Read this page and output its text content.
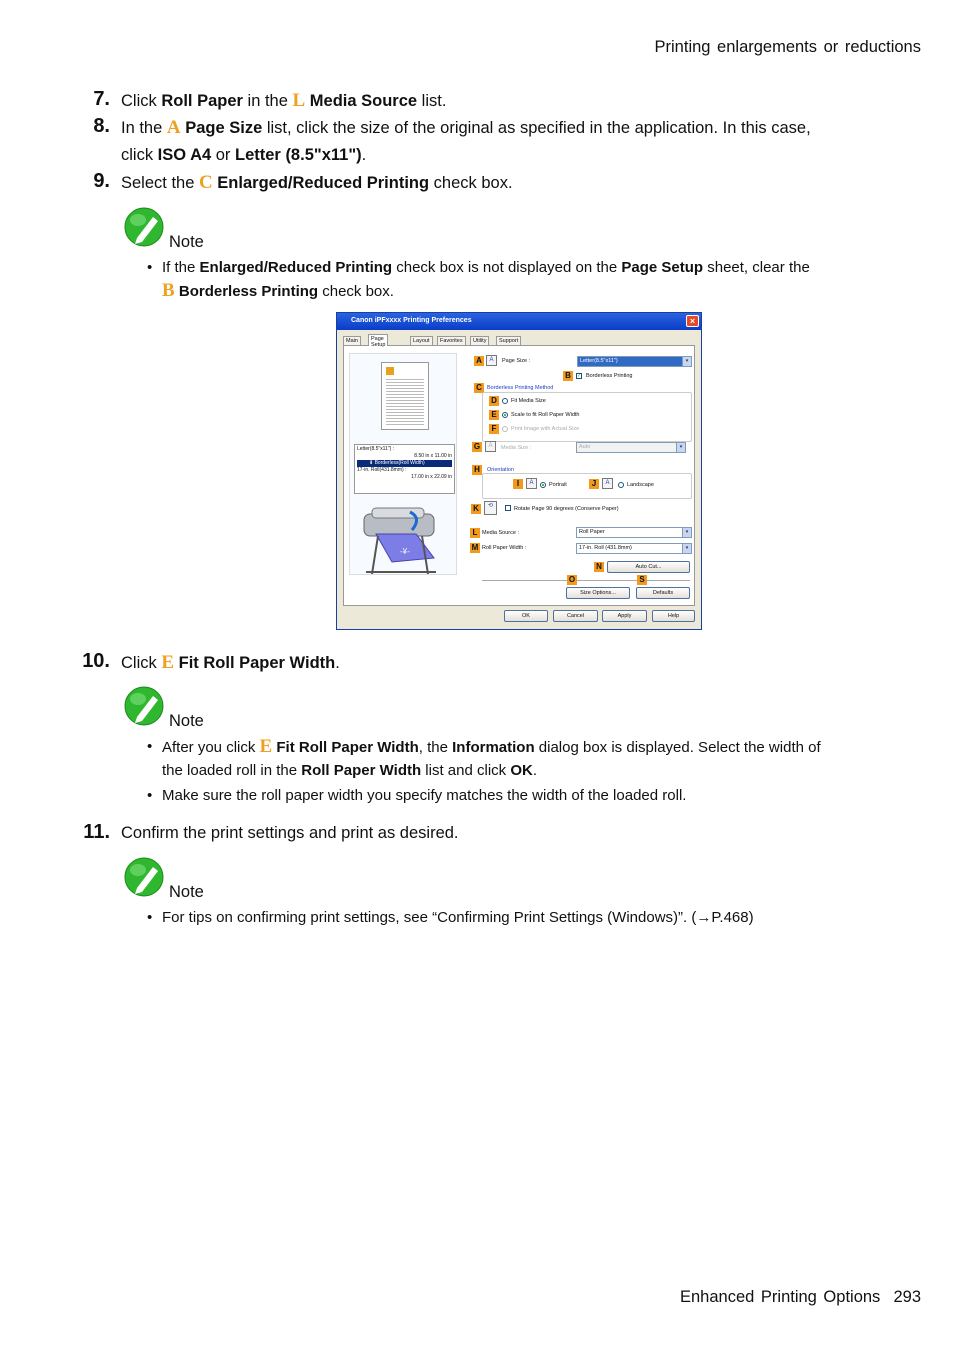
Printing enlargements or reductions
7. Click Roll Paper in the L Media Source list.
8. In the A Page Size list, click the size of the original as specified in the application. In this case,
click ISO A4 or Letter (8.5"x11").
9. Select the C Enlarged/Reduced Printing check box.
Note
• If the Enlarged/Reduced Printing check box is not displayed on the Page Setup sheet, clear the
B Borderless Printing check box.
Canon iPFxxxx Printing Preferences	×
Main	Page Setup
Layout	Favorites	Utility	Support
Letter(8.5"x11") :
8.50 in x 11.00 in
⬇ Borderless(Roll Width)
17-in. Roll(431.8mm) :
17.00 in x 22.09 in
-¥-
A	A	Page Size :	Letter(8.5"x11")	▾
B	✓ Borderless Printing
C Borderless Printing Method
D	Fit Media Size
E	Scale to fit Roll Paper Width
F	Print Image with Actual Size
G	A	Media Size :	Auto	▾
H	Orientation
I	A	Portrait	J	A	Landscape
K	⟲	Rotate Page 90 degrees (Conserve Paper)
L Media Source :	Roll Paper	▾
M Roll Paper Width :	17-in. Roll (431.8mm)	▾
N	Auto Cut...
O	S
Size Options...	Defaults
OK	Cancel	Apply	Help
10. Click E Fit Roll Paper Width.
Note
• After you click E Fit Roll Paper Width, the Information dialog box is displayed. Select the width of
the loaded roll in the Roll Paper Width list and click OK.
• Make sure the roll paper width you specify matches the width of the loaded roll.
11. Confirm the print settings and print as desired.
Note
• For tips on confirming print settings, see “Confirming Print Settings (Windows)”. (→P.468)
Enhanced Printing Options 293
